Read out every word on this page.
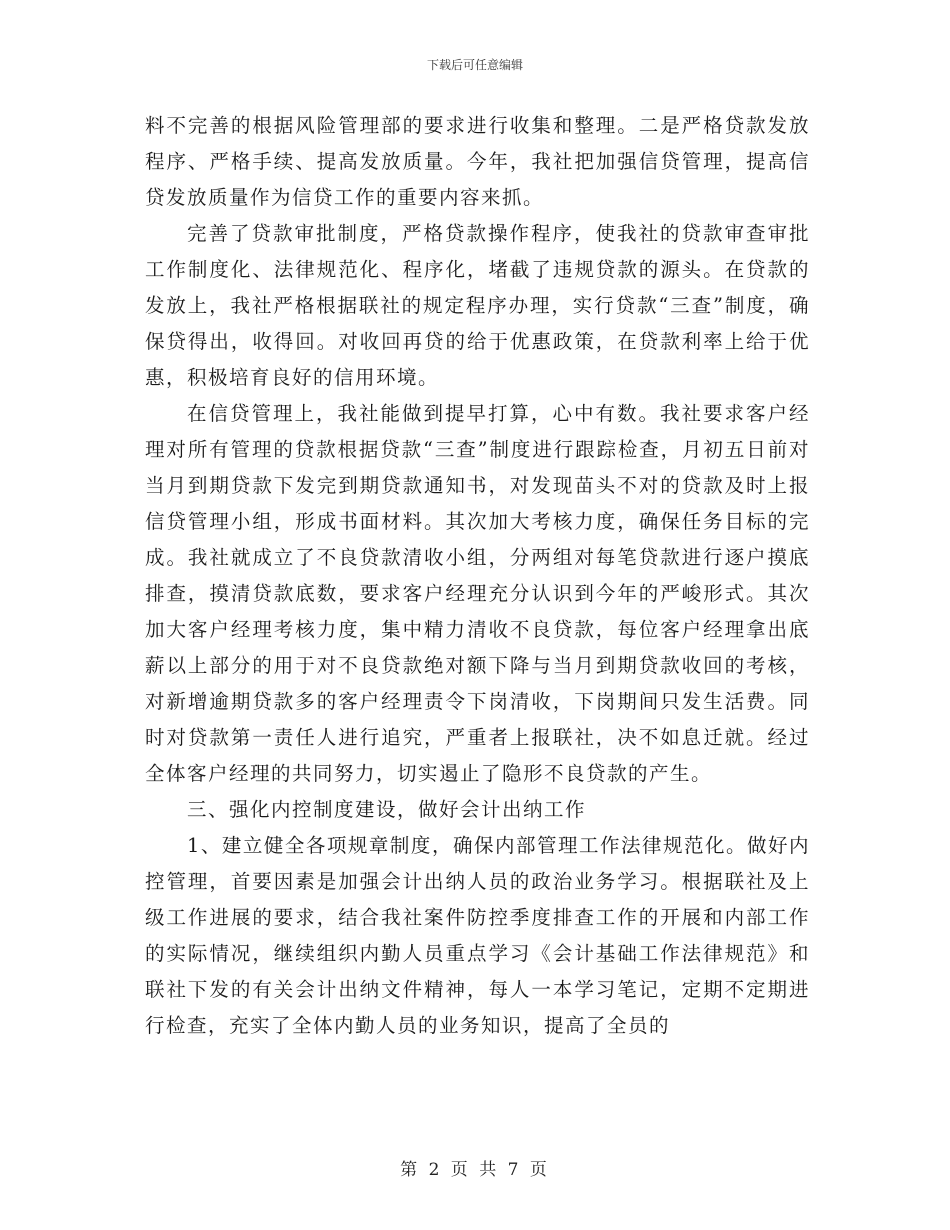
下载后可任意编辑

料不完善的根据风险管理部的要求进行收集和整理。二是严格贷款发放程序、严格手续、提高发放质量。今年，我社把加强信贷管理，提高信贷发放质量作为信贷工作的重要内容来抓。

完善了贷款审批制度，严格贷款操作程序，使我社的贷款审查审批工作制度化、法律规范化、程序化，堵截了违规贷款的源头。在贷款的发放上，我社严格根据联社的规定程序办理，实行贷款“三查”制度，确保贷得出，收得回。对收回再贷的给于优惠政策，在贷款利率上给于优惠，积极培育良好的信用环境。

在信贷管理上，我社能做到提早打算，心中有数。我社要求客户经理对所有管理的贷款根据贷款“三查”制度进行跟踪检查，月初五日前对当月到期贷款下发完到期贷款通知书，对发现苗头不对的贷款及时上报信贷管理小组，形成书面材料。其次加大考核力度，确保任务目标的完成。我社就成立了不良贷款清收小组，分两组对每笔贷款进行逐户摸底排查，摸清贷款底数，要求客户经理充分认识到今年的严峻形式。其次加大客户经理考核力度，集中精力清收不良贷款，每位客户经理拿出底薪以上部分的用于对不良贷款绝对额下降与当月到期贷款收回的考核，对新增逾期贷款多的客户经理责令下岗清收，下岗期间只发生活费。同时对贷款第一责任人进行追究，严重者上报联社，决不如息迁就。经过全体客户经理的共同努力，切实遏止了隐形不良贷款的产生。

三、强化内控制度建设，做好会计出纳工作

1、建立健全各项规章制度，确保内部管理工作法律规范化。做好内控管理，首要因素是加强会计出纳人员的政治业务学习。根据联社及上级工作进展的要求，结合我社案件防控季度排查工作的开展和内部工作的实际情况，继续组织内勤人员重点学习《会计基础工作法律规范》和联社下发的有关会计出纳文件精神，每人一本学习笔记，定期不定期进行检查，充实了全体内勤人员的业务知识，提高了全员的

第 2 页 共 7 页
